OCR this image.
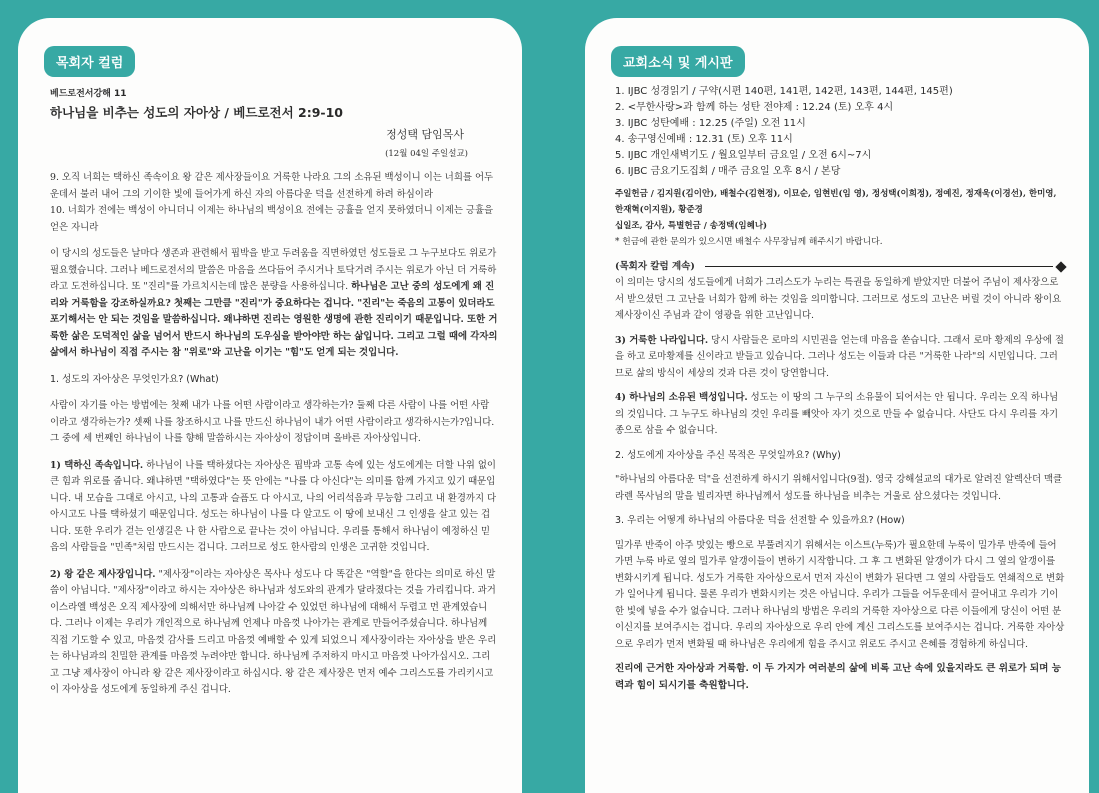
목회자 컬럼
베드로전서강해 11
하나님을 비추는 성도의 자아상 / 베드로전서 2:9-10
정성택 담임목사
(12월 04일 주일설교)

9. 오직 너희는 택하신 족속이요 왕 같은 제사장들이요 거룩한 나라요 그의 소유된 백성이니 이는 너희를 어두운데서 불러 내어 그의 기이한 빛에 들어가게 하신 자의 아름다운 덕을 선전하게 하려 하심이라

10. 너희가 전에는 백성이 아니더니 이제는 하나님의 백성이요 전에는 긍휼을 얻지 못하였더니 이제는 긍휼을 얻은 자니라

이 당시의 성도들은 날마다 생존과 관련해서 핍박을 받고 두려움을 직면하였던 성도들로 그 누구보다도 위로가 필요했습니다. 그러나 베드로전서의 말씀은 마음을 쓰다듬어 주시거나 토닥거려 주시는 위로가 아닌 더 거룩하라고 도전하십니다. 또 "진리"를 가르치시는데 많은 분량을 사용하십니다. 하나님은 고난 중의 성도에게 왜 진리와 거룩함을 강조하실까요? 첫째는 그만큼 "진리"가 중요하다는 겁니다. "진리"는 죽음의 고통이 있더라도 포기해서는 안 되는 것임을 말씀하십니다. 왜냐하면 진리는 영원한 생명에 관한 진리이기 때문입니다. 또한 거룩한 삶은 도덕적인 삶을 넘어서 반드시 하나님의 도우심을 받아야만 하는 삶입니다. 그리고 그럴 때에 각자의 삶에서 하나님이 직접 주시는 참 "위로"와 고난을 이기는 "힘"도 얻게 되는 것입니다.

1. 성도의 자아상은 무엇인가요? (What)

사람이 자기를 아는 방법에는 첫째 내가 나를 어떤 사람이라고 생각하는가? 둘째 다른 사람이 나를 어떤 사람이라고 생각하는가? 셋째 나를 창조하시고 나를 만드신 하나님이 내가 어떤 사람이라고 생각하시는가?입니다. 그 중에 세 번째인 하나님이 나를 향해 말씀하시는 자아상이 정답이며 올바른 자아상입니다.

1) 택하신 족속입니다. 하나님이 나를 택하셨다는 자아상은 핍박과 고통 속에 있는 성도에게는 더할 나위 없이 큰 힘과 위로를 줍니다. 왜냐하면 "택하였다"는 뜻 안에는 "나를 다 아신다"는 의미를 함께 가지고 있기 때문입니다. 내 모습을 그대로 아시고, 나의 고통과 슬픔도 다 아시고, 나의 어리석음과 무능함 그리고 내 환경까지 다 아시고도 나를 택하셨기 때문입니다. 성도는 하나님이 나를 다 알고도 이 땅에 보내신 그 인생을 살고 있는 겁니다. 또한 우리가 걷는 인생길은 나 한 사람으로 끝나는 것이 아닙니다. 우리를 통해서 하나님이 예정하신 믿음의 사람들을 "민족"처럼 만드시는 겁니다. 그러므로 성도 한사람의 인생은 고귀한 것입니다.

2) 왕 같은 제사장입니다. "제사장"이라는 자아상은 목사나 성도나 다 똑같은 "역할"을 한다는 의미로 하신 말씀이 아닙니다. "제사장"이라고 하시는 자아상은 하나님과 성도와의 관계가 달라졌다는 것을 가리킵니다. 과거 이스라엘 백성은 오직 제사장에 의해서만 하나님께 나아갈 수 있었던 하나님에 대해서 두렵고 먼 관계였습니다. 그러나 이제는 우리가 개인적으로 하나님께 언제나 마음껏 나아가는 관계로 만들어주셨습니다. 하나님께 직접 기도할 수 있고, 마음껏 감사를 드리고 마음껏 예배할 수 있게 되었으니 제사장이라는 자아상을 받은 우리는 하나님과의 친밀한 관계를 마음껏 누려야만 합니다. 하나님께 주저하지 마시고 마음껏 나아가십시오. 그리고 그냥 제사장이 아니라 왕 같은 제사장이라고 하십시다. 왕 같은 제사장은 먼저 예수 그리스도를 가리키시고 이 자아상을 성도에게 동일하게 주신 겁니다.

교회소식 및 게시판
1. IJBC 성경읽기 / 구약(시편 140편, 141편, 142편, 143편, 144편, 145편)
2. <무한사랑>과 함께 하는 성탄 전야제 : 12.24 (토) 오후 4시
3. IJBC 성탄예배 : 12.25 (주일) 오전 11시
4. 송구영신예배 : 12.31 (토) 오후 11시
5. IJBC 개인새벽기도 / 월요일부터 금요일 / 오전 6시~7시
6. IJBC 금요기도집회 / 매주 금요일 오후 8시 / 본당

주일헌금 / 김지원(김이안), 배철수(김현정), 이묘순, 임현빈(임 영), 정성택(이희정), 정예진, 정재욱(이경선), 한미영, 한재혁(이지원), 황준경

십일조, 감사, 특별헌금 / 송정택(임혜나)

* 헌금에 관한 문의가 있으시면 배철수 사무장님께 해주시기 바랍니다.

(목회자 칼럼 계속)

이 의미는 당시의 성도들에게 너희가 그리스도가 누리는 특권을 동일하게 받았지만 더불어 주님이 제사장으로서 받으셨던 그 고난을 너희가 함께 하는 것임을 의미합니다. 그러므로 성도의 고난은 버릴 것이 아니라 왕이요 제사장이신 주님과 같이 영광을 위한 고난입니다.

3) 거룩한 나라입니다. 당시 사람들은 로마의 시민권을 얻는데 마음을 쏟습니다. 그래서 로마 황제의 우상에 절을 하고 로마황제를 신이라고 받들고 있습니다. 그러나 성도는 이들과 다른 "거룩한 나라"의 시민입니다. 그러므로 삶의 방식이 세상의 것과 다른 것이 당연합니다.

4) 하나님의 소유된 백성입니다. 성도는 이 땅의 그 누구의 소유물이 되어서는 안 됩니다. 우리는 오직 하나님의 것입니다. 그 누구도 하나님의 것인 우리를 빼앗아 자기 것으로 만들 수 없습니다. 사단도 다시 우리를 자기 종으로 삼을 수 없습니다.

2. 성도에게 자아상을 주신 목적은 무엇일까요? (Why)

"하나님의 아름다운 덕"을 선전하게 하시기 위해서입니다(9절). 영국 강해설교의 대가로 알려진 알렉산더 맥클라렌 목사님의 말을 빌리자면 하나님께서 성도를 하나님을 비추는 거울로 삼으셨다는 것입니다.

3. 우리는 어떻게 하나님의 아름다운 덕을 선전할 수 있을까요? (How)

밀가루 반죽이 아주 맛있는 빵으로 부풀려지기 위해서는 이스트(누룩)가 필요한데 누룩이 밀가루 반죽에 들어가면 누룩 바로 옆의 밀가루 알갱이들이 변하기 시작합니다. 그 후 그 변화된 알갱이가 다시 그 옆의 알갱이를 변화시키게 됩니다. 성도가 거룩한 자아상으로서 먼저 자신이 변화가 된다면 그 옆의 사람들도 연쇄적으로 변화가 일어나게 됩니다. 물론 우리가 변화시키는 것은 아닙니다. 우리가 그들을 어두운데서 끌어내고 우리가 기이한 빛에 넣을 수가 없습니다. 그러나 하나님의 방법은 우리의 거룩한 자아상으로 다른 이들에게 당신이 어떤 분이신지를 보여주시는 겁니다. 우리의 자아상으로 우리 안에 계신 그리스도를 보여주시는 겁니다. 거룩한 자아상으로 우리가 먼저 변화될 때 하나님은 우리에게 힘을 주시고 위로도 주시고 은혜를 경험하게 하십니다.

진리에 근거한 자아상과 거룩함. 이 두 가지가 여러분의 삶에 비록 고난 속에 있을지라도 큰 위로가 되며 능력과 힘이 되시기를 축원합니다.
